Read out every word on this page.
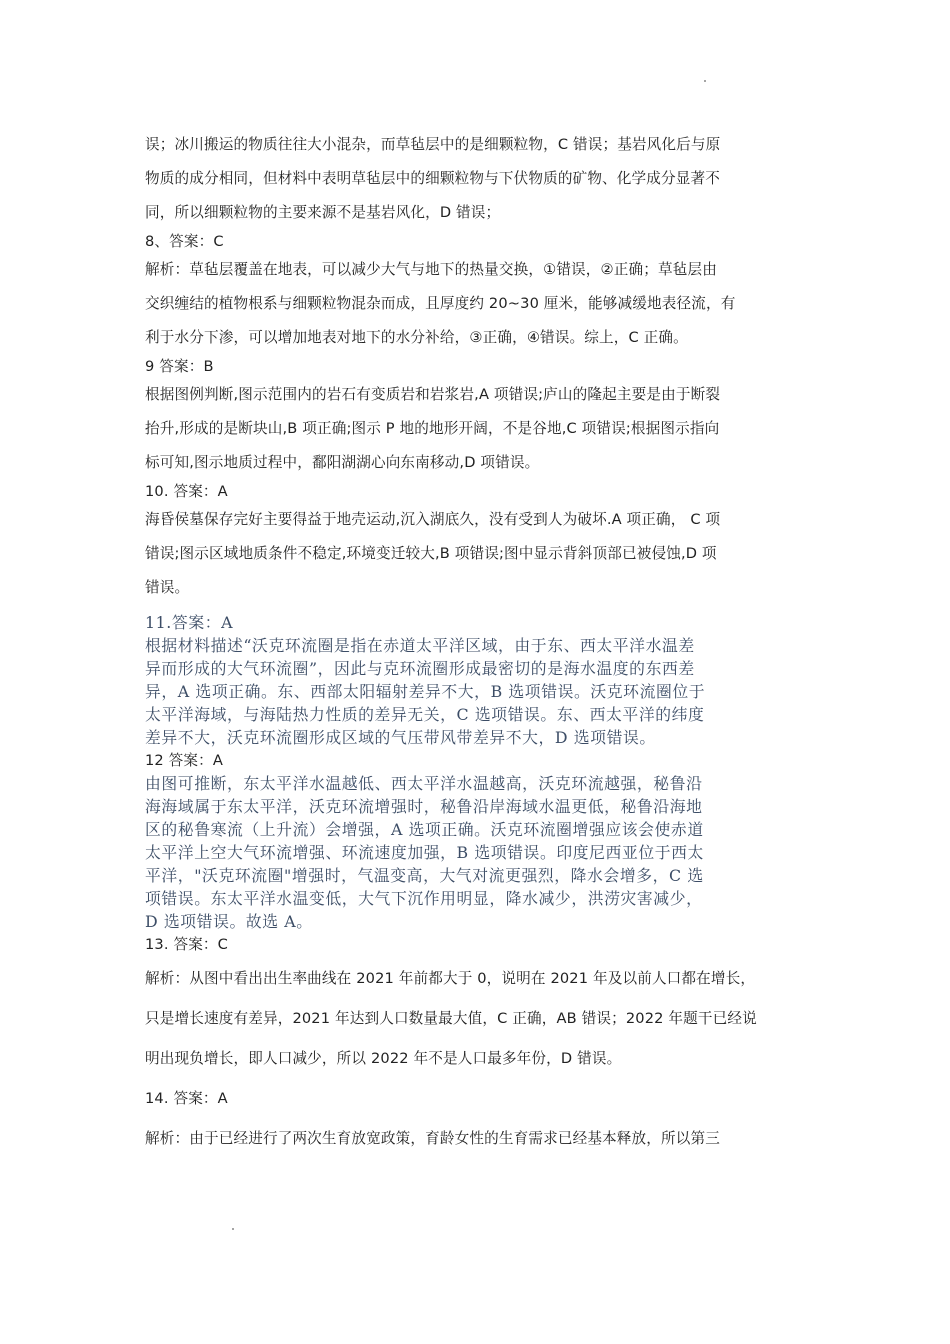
误；冰川搬运的物质往往大小混杂，而草毡层中的是细颗粒物，C 错误；基岩风化后与原

物质的成分相同，但材料中表明草毡层中的细颗粒物与下伏物质的矿物、化学成分显著不

同，所以细颗粒物的主要来源不是基岩风化，D 错误；

8、答案：C

解析：草毡层覆盖在地表，可以减少大气与地下的热量交换，①错误，②正确；草毡层由

交织缠结的植物根系与细颗粒物混杂而成，且厚度约 20~30 厘米，能够减缓地表径流，有

利于水分下渗，可以增加地表对地下的水分补给，③正确，④错误。综上，C 正确。

9 答案：B

根据图例判断,图示范围内的岩石有变质岩和岩浆岩,A 项错误;庐山的隆起主要是由于断裂

抬升,形成的是断块山,B 项正确;图示 P 地的地形开阔，不是谷地,C 项错误;根据图示指向

标可知,图示地质过程中，鄱阳湖湖心向东南移动,D 项错误。

10. 答案：A

海昏侯墓保存完好主要得益于地壳运动,沉入湖底久，没有受到人为破坏.A 项正确， C 项

错误;图示区域地质条件不稳定,环境变迁较大,B 项错误;图中显示背斜顶部已被侵蚀,D 项

错误。

11.答案：A

根据材料描述“沃克环流圈是指在赤道太平洋区域，由于东、西太平洋水温差

异而形成的大气环流圈”，因此与克环流圈形成最密切的是海水温度的东西差

异，A 选项正确。东、西部太阳辐射差异不大，B 选项错误。沃克环流圈位于

太平洋海域，与海陆热力性质的差异无关，C 选项错误。东、西太平洋的纬度

差异不大，沃克环流圈形成区域的气压带风带差异不大，D 选项错误。

12 答案：A

由图可推断，东太平洋水温越低、西太平洋水温越高，沃克环流越强，秘鲁沿

海海域属于东太平洋，沃克环流增强时，秘鲁沿岸海域水温更低，秘鲁沿海地

区的秘鲁寒流（上升流）会增强，A 选项正确。沃克环流圈增强应该会使赤道

太平洋上空大气环流增强、环流速度加强，B 选项错误。印度尼西亚位于西太

平洋，"沃克环流圈"增强时，气温变高，大气对流更强烈，降水会增多，C 选

项错误。东太平洋水温变低，大气下沉作用明显，降水减少，洪涝灾害减少，

D 选项错误。故选 A。

13. 答案：C

解析：从图中看出出生率曲线在 2021 年前都大于 0，说明在 2021 年及以前人口都在增长，

只是增长速度有差异，2021 年达到人口数量最大值，C 正确，AB 错误；2022 年题干已经说

明出现负增长，即人口减少，所以 2022 年不是人口最多年份，D 错误。

14. 答案：A

解析：由于已经进行了两次生育放宽政策，育龄女性的生育需求已经基本释放，所以第三
